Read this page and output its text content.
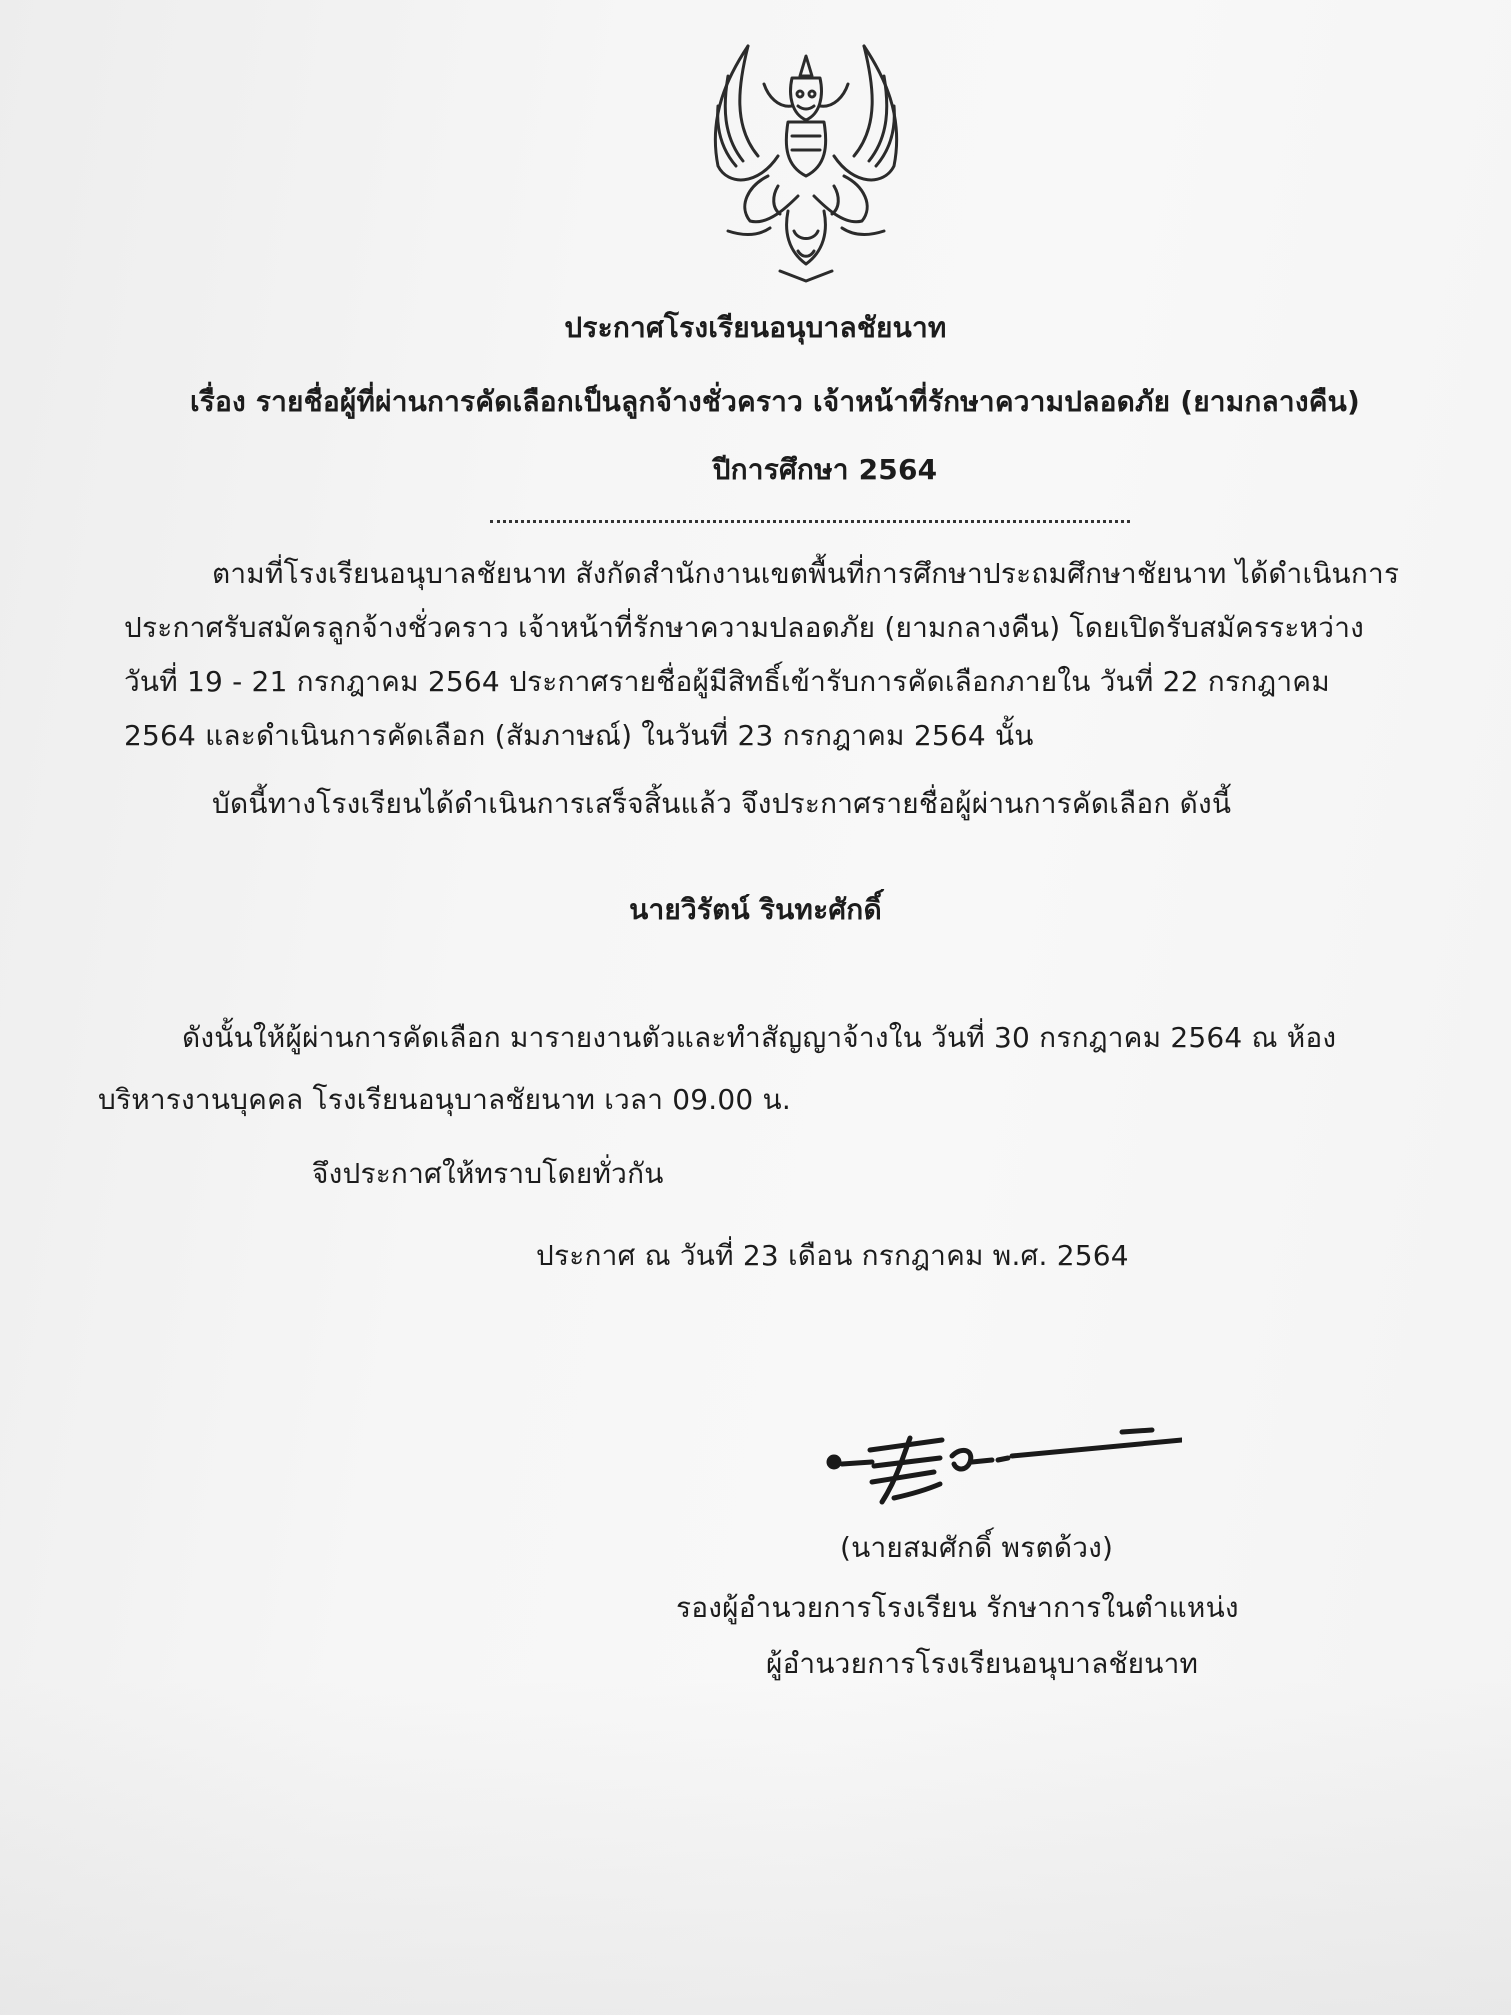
ประกาศโรงเรียนอนุบาลชัยนาท
เรื่อง รายชื่อผู้ที่ผ่านการคัดเลือกเป็นลูกจ้างชั่วคราว เจ้าหน้าที่รักษาความปลอดภัย (ยามกลางคืน)
ปีการศึกษา 2564
ตามที่โรงเรียนอนุบาลชัยนาท สังกัดสำนักงานเขตพื้นที่การศึกษาประถมศึกษาชัยนาท ได้ดำเนินการ
ประกาศรับสมัครลูกจ้างชั่วคราว เจ้าหน้าที่รักษาความปลอดภัย (ยามกลางคืน) โดยเปิดรับสมัครระหว่าง
วันที่ 19 - 21 กรกฎาคม 2564 ประกาศรายชื่อผู้มีสิทธิ์เข้ารับการคัดเลือกภายใน วันที่ 22 กรกฎาคม
2564 และดำเนินการคัดเลือก (สัมภาษณ์) ในวันที่ 23 กรกฎาคม 2564 นั้น
บัดนี้ทางโรงเรียนได้ดำเนินการเสร็จสิ้นแล้ว จึงประกาศรายชื่อผู้ผ่านการคัดเลือก ดังนี้
นายวิรัตน์ รินทะศักดิ์
ดังนั้นให้ผู้ผ่านการคัดเลือก มารายงานตัวและทำสัญญาจ้างใน วันที่ 30 กรกฎาคม 2564 ณ ห้อง
บริหารงานบุคคล โรงเรียนอนุบาลชัยนาท เวลา 09.00 น.
จึงประกาศให้ทราบโดยทั่วกัน
ประกาศ ณ วันที่ 23 เดือน กรกฎาคม พ.ศ. 2564
(นายสมศักดิ์ พรตด้วง)
รองผู้อำนวยการโรงเรียน รักษาการในตำแหน่ง
ผู้อำนวยการโรงเรียนอนุบาลชัยนาท
